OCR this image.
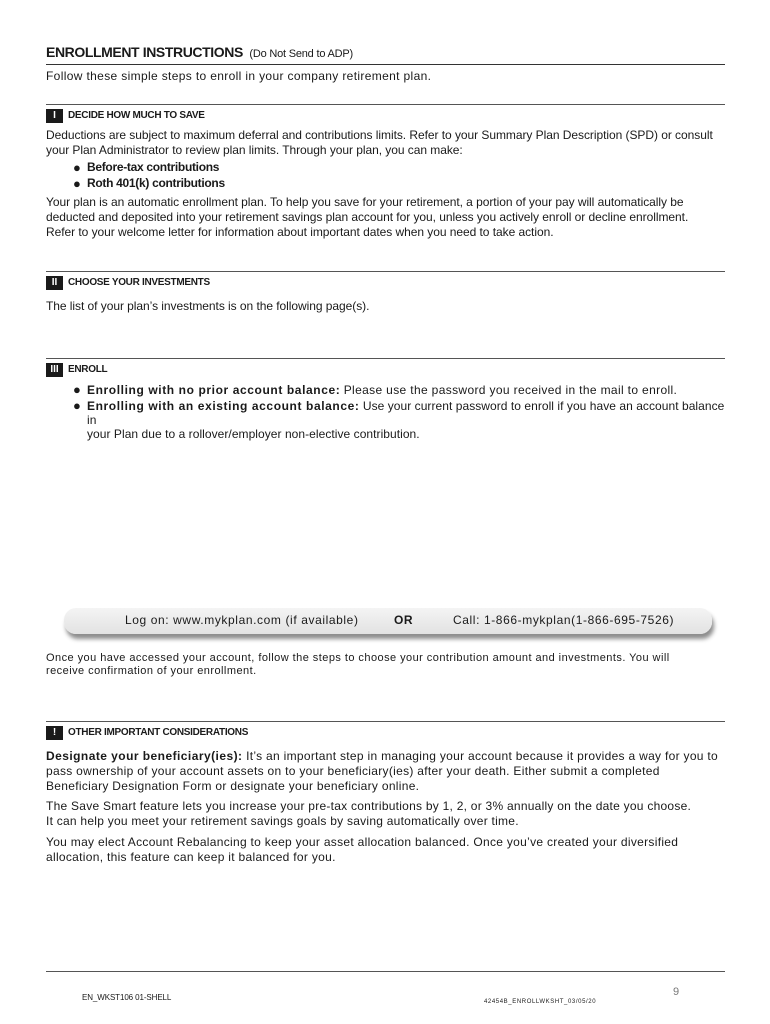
ENROLLMENT INSTRUCTIONS (Do Not Send to ADP)
Follow these simple steps to enroll in your company retirement plan.
I	DECIDE HOW MUCH TO SAVE
Deductions are subject to maximum deferral and contributions limits. Refer to your Summary Plan Description (SPD) or consult
your Plan Administrator to review plan limits. Through your plan, you can make:
● Before-tax contributions
● Roth 401(k) contributions
Your plan is an automatic enrollment plan. To help you save for your retirement, a portion of your pay will automatically be
deducted and deposited into your retirement savings plan account for you, unless you actively enroll or decline enrollment.
Refer to your welcome letter for information about important dates when you need to take action.
II	CHOOSE YOUR INVESTMENTS
The list of your plan’s investments is on the following page(s).
III ENROLL
● Enrolling with no prior account balance: Please use the password you received in the mail to enroll.
● Enrolling with an existing account balance: Use your current password to enroll if you have an account balance in
your Plan due to a rollover/employer non-elective contribution.
Log on: www.mykplan.com (if available)	OR	Call: 1-866-mykplan(1-866-695-7526)
Once you have accessed your account, follow the steps to choose your contribution amount and investments. You will
receive confirmation of your enrollment.
!	OTHER IMPORTANT CONSIDERATIONS
Designate your beneficiary(ies): It’s an important step in managing your account because it provides a way for you to
pass ownership of your account assets on to your beneficiary(ies) after your death. Either submit a completed
Beneficiary Designation Form or designate your beneficiary online.
The Save Smart feature lets you increase your pre-tax contributions by 1, 2, or 3% annually on the date you choose.
It can help you meet your retirement savings goals by saving automatically over time.
You may elect Account Rebalancing to keep your asset allocation balanced. Once you’ve created your diversified
allocation, this feature can keep it balanced for you.
9
EN_WKST106 01-SHELL	42454B_ENROLLWKSHT_03/05/20
